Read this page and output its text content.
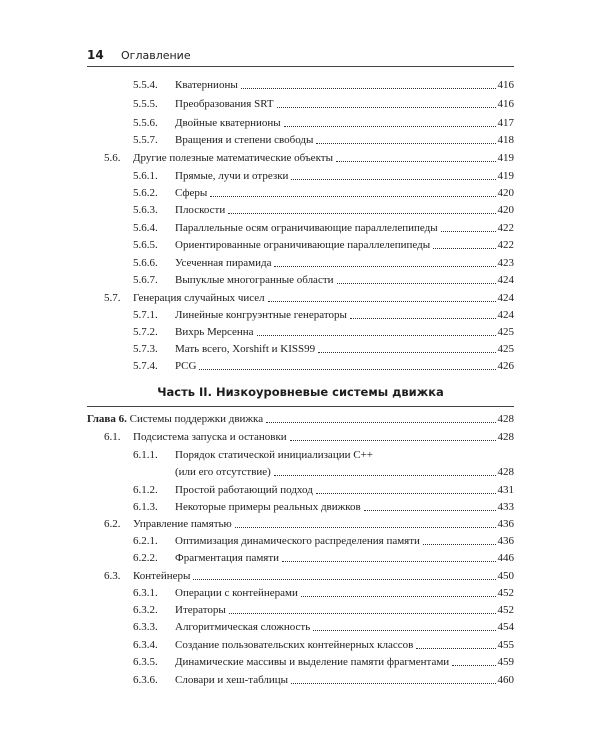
14 Оглавление
5.5.4. Кватернионы	416
5.5.5. Преобразования SRT	416
5.5.6. Двойные кватернионы	417
5.5.7. Вращения и степени свободы	418
5.6. Другие полезные математические объекты	419
5.6.1. Прямые, лучи и отрезки	419
5.6.2. Сферы	420
5.6.3. Плоскости	420
5.6.4. Параллельные осям ограничивающие параллелепипеды	422
5.6.5. Ориентированные ограничивающие параллелепипеды	422
5.6.6. Усеченная пирамида	423
5.6.7. Выпуклые многогранные области	424
5.7. Генерация случайных чисел	424
5.7.1. Линейные конгруэнтные генераторы	424
5.7.2. Вихрь Мерсенна	425
5.7.3. Мать всего, Xorshift и KISS99	425
5.7.4. PCG	426
Часть II. Низкоуровневые системы движка
Глава 6. Системы поддержки движка	428
6.1. Подсистема запуска и остановки	428
6.1.1. Порядок статической инициализации С++
(или его отсутствие)	428
6.1.2. Простой работающий подход	431
6.1.3. Некоторые примеры реальных движков	433
6.2. Управление памятью	436
6.2.1. Оптимизация динамического распределения памяти	436
6.2.2. Фрагментация памяти	446
6.3. Контейнеры	450
6.3.1. Операции с контейнерами	452
6.3.2. Итераторы	452
6.3.3. Алгоритмическая сложность	454
6.3.4. Создание пользовательских контейнерных классов	455
6.3.5. Динамические массивы и выделение памяти фрагментами	459
6.3.6. Словари и хеш-таблицы	460
